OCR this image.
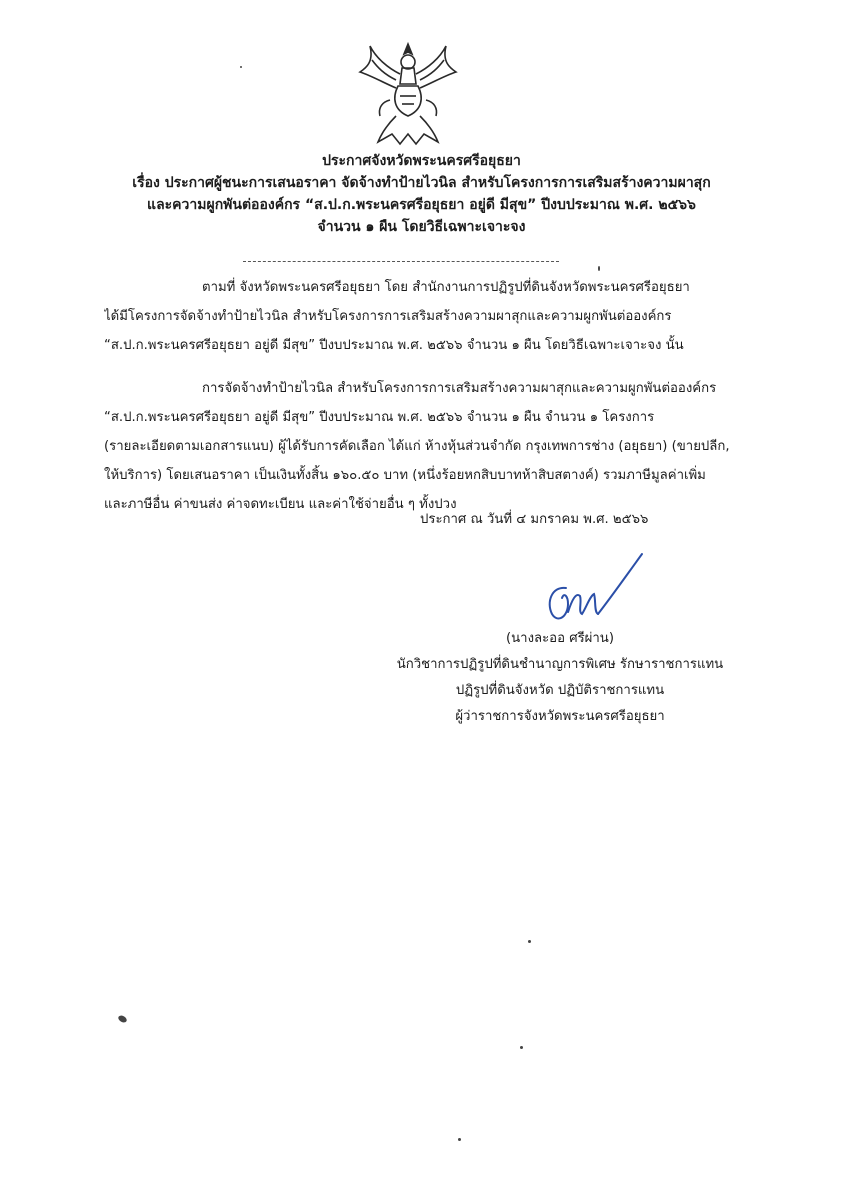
ประกาศจังหวัดพระนครศรีอยุธยา
เรื่อง ประกาศผู้ชนะการเสนอราคา จัดจ้างทำป้ายไวนิล สำหรับโครงการการเสริมสร้างความผาสุก
และความผูกพันต่อองค์กร “ส.ป.ก.พระนครศรีอยุธยา อยู่ดี มีสุข” ปีงบประมาณ พ.ศ. ๒๕๖๖
จำนวน ๑ ผืน โดยวิธีเฉพาะเจาะจง
ตามที่ จังหวัดพระนครศรีอยุธยา โดย สำนักงานการปฏิรูปที่ดินจังหวัดพระนครศรีอยุธยา
ได้มีโครงการจัดจ้างทำป้ายไวนิล สำหรับโครงการการเสริมสร้างความผาสุกและความผูกพันต่อองค์กร
“ส.ป.ก.พระนครศรีอยุธยา อยู่ดี มีสุข” ปีงบประมาณ พ.ศ. ๒๕๖๖ จำนวน ๑ ผืน โดยวิธีเฉพาะเจาะจง นั้น
การจัดจ้างทำป้ายไวนิล สำหรับโครงการการเสริมสร้างความผาสุกและความผูกพันต่อองค์กร
“ส.ป.ก.พระนครศรีอยุธยา อยู่ดี มีสุข” ปีงบประมาณ พ.ศ. ๒๕๖๖ จำนวน ๑ ผืน จำนวน ๑ โครงการ
(รายละเอียดตามเอกสารแนบ) ผู้ได้รับการคัดเลือก ได้แก่ ห้างหุ้นส่วนจำกัด กรุงเทพการช่าง (อยุธยา) (ขายปลีก,
ให้บริการ) โดยเสนอราคา เป็นเงินทั้งสิ้น ๑๖๐.๕๐ บาท (หนึ่งร้อยหกสิบบาทห้าสิบสตางค์) รวมภาษีมูลค่าเพิ่ม
และภาษีอื่น ค่าขนส่ง ค่าจดทะเบียน และค่าใช้จ่ายอื่น ๆ ทั้งปวง
ประกาศ ณ วันที่ ๔ มกราคม พ.ศ. ๒๕๖๖
(นางละออ ศรีผ่าน)
นักวิชาการปฏิรูปที่ดินชำนาญการพิเศษ รักษาราชการแทน
ปฏิรูปที่ดินจังหวัด ปฏิบัติราชการแทน
ผู้ว่าราชการจังหวัดพระนครศรีอยุธยา
